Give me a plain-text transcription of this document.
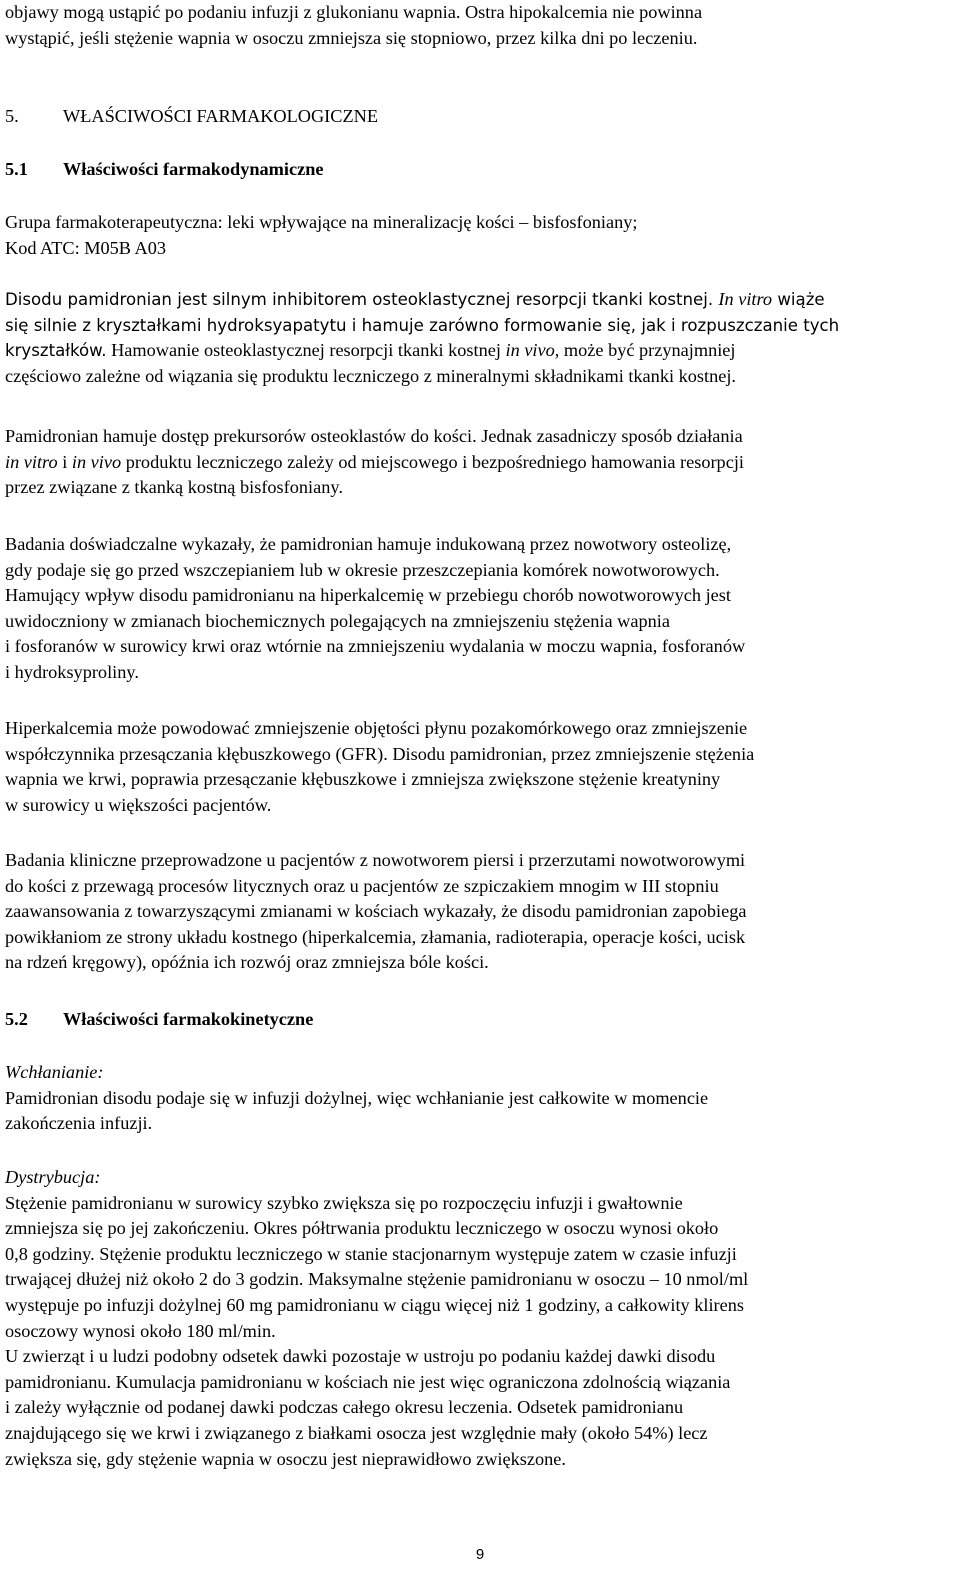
objawy mogą ustąpić po podaniu infuzji z glukonianu wapnia. Ostra hipokalcemia nie powinna
wystąpić, jeśli stężenie wapnia w osoczu zmniejsza się stopniowo, przez kilka dni po leczeniu.
5. WŁAŚCIWOŚCI FARMAKOLOGICZNE
5.1 Właściwości farmakodynamiczne
Grupa farmakoterapeutyczna: leki wpływające na mineralizację kości – bisfosfoniany;
Kod ATC: M05B A03
Disodu pamidronian jest silnym inhibitorem osteoklastycznej resorpcji tkanki kostnej. In vitro wiąże
się silnie z kryształkami hydroksyapatytu i hamuje zarówno formowanie się, jak i rozpuszczanie tych
kryształków. Hamowanie osteoklastycznej resorpcji tkanki kostnej in vivo, może być przynajmniej
częściowo zależne od wiązania się produktu leczniczego z mineralnymi składnikami tkanki kostnej.
Pamidronian hamuje dostęp prekursorów osteoklastów do kości. Jednak zasadniczy sposób działania
in vitro i in vivo produktu leczniczego zależy od miejscowego i bezpośredniego hamowania resorpcji
przez związane z tkanką kostną bisfosfoniany.
Badania doświadczalne wykazały, że pamidronian hamuje indukowaną przez nowotwory osteolizę,
gdy podaje się go przed wszczepianiem lub w okresie przeszczepiania komórek nowotworowych.
Hamujący wpływ disodu pamidronianu na hiperkalcemię w przebiegu chorób nowotworowych jest
uwidoczniony w zmianach biochemicznych polegających na zmniejszeniu stężenia wapnia
i fosforanów w surowicy krwi oraz wtórnie na zmniejszeniu wydalania w moczu wapnia, fosforanów
i hydroksyproliny.
Hiperkalcemia może powodować zmniejszenie objętości płynu pozakomórkowego oraz zmniejszenie
współczynnika przesączania kłębuszkowego (GFR). Disodu pamidronian, przez zmniejszenie stężenia
wapnia we krwi, poprawia przesączanie kłębuszkowe i zmniejsza zwiększone stężenie kreatyniny
w surowicy u większości pacjentów.
Badania kliniczne przeprowadzone u pacjentów z nowotworem piersi i przerzutami nowotworowymi
do kości z przewagą procesów litycznych oraz u pacjentów ze szpiczakiem mnogim w III stopniu
zaawansowania z towarzyszącymi zmianami w kościach wykazały, że disodu pamidronian zapobiega
powikłaniom ze strony układu kostnego (hiperkalcemia, złamania, radioterapia, operacje kości, ucisk
na rdzeń kręgowy), opóźnia ich rozwój oraz zmniejsza bóle kości.
5.2 Właściwości farmakokinetyczne
Wchłanianie:
Pamidronian disodu podaje się w infuzji dożylnej, więc wchłanianie jest całkowite w momencie
zakończenia infuzji.
Dystrybucja:
Stężenie pamidronianu w surowicy szybko zwiększa się po rozpoczęciu infuzji i gwałtownie
zmniejsza się po jej zakończeniu. Okres półtrwania produktu leczniczego w osoczu wynosi około
0,8 godziny. Stężenie produktu leczniczego w stanie stacjonarnym występuje zatem w czasie infuzji
trwającej dłużej niż około 2 do 3 godzin. Maksymalne stężenie pamidronianu w osoczu – 10 nmol/ml
występuje po infuzji dożylnej 60 mg pamidronianu w ciągu więcej niż 1 godziny, a całkowity klirens
osoczowy wynosi około 180 ml/min.
U zwierząt i u ludzi podobny odsetek dawki pozostaje w ustroju po podaniu każdej dawki disodu
pamidronianu. Kumulacja pamidronianu w kościach nie jest więc ograniczona zdolnością wiązania
i zależy wyłącznie od podanej dawki podczas całego okresu leczenia. Odsetek pamidronianu
znajdującego się we krwi i związanego z białkami osocza jest względnie mały (około 54%) lecz
zwiększa się, gdy stężenie wapnia w osoczu jest nieprawidłowo zwiększone.
9
